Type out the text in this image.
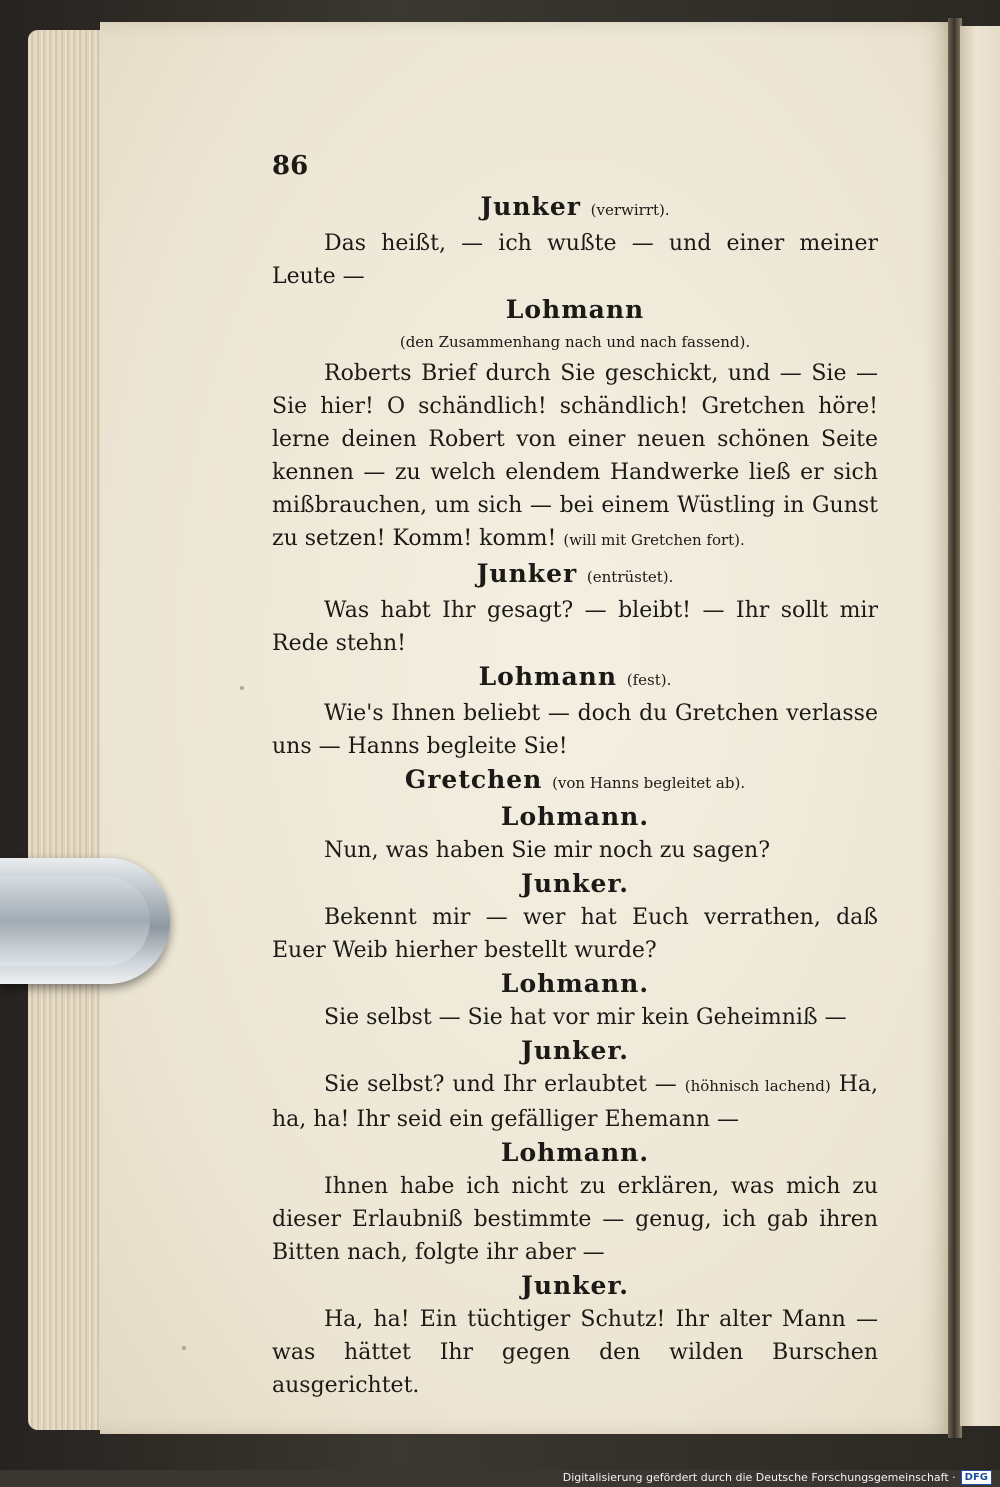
86
Junker (verwirrt).
Das heißt, — ich wußte — und einer meiner Leute —
Lohmann
(den Zusammenhang nach und nach fassend).
Roberts Brief durch Sie geschickt, und — Sie — Sie hier! O schändlich! schändlich! Gretchen höre! lerne deinen Robert von einer neuen schönen Seite kennen — zu welch elendem Handwerke ließ er sich mißbrauchen, um sich — bei einem Wüstling in Gunst zu setzen! Komm! komm! (will mit Gretchen fort).
Junker (entrüstet).
Was habt Ihr gesagt? — bleibt! — Ihr sollt mir Rede stehn!
Lohmann (fest).
Wie's Ihnen beliebt — doch du Gretchen verlasse uns — Hanns begleite Sie!
Gretchen (von Hanns begleitet ab).
Lohmann.
Nun, was haben Sie mir noch zu sagen?
Junker.
Bekennt mir — wer hat Euch verrathen, daß Euer Weib hierher bestellt wurde?
Lohmann.
Sie selbst — Sie hat vor mir kein Geheimniß —
Junker.
Sie selbst? und Ihr erlaubtet — (höhnisch lachend) Ha, ha, ha! Ihr seid ein gefälliger Ehemann —
Lohmann.
Ihnen habe ich nicht zu erklären, was mich zu dieser Erlaubniß bestimmte — genug, ich gab ihren Bitten nach, folgte ihr aber —
Junker.
Ha, ha! Ein tüchtiger Schutz! Ihr alter Mann — was hättet Ihr gegen den wilden Burschen ausgerichtet.
Digitalisierung gefördert durch die Deutsche Forschungsgemeinschaft · DFG
